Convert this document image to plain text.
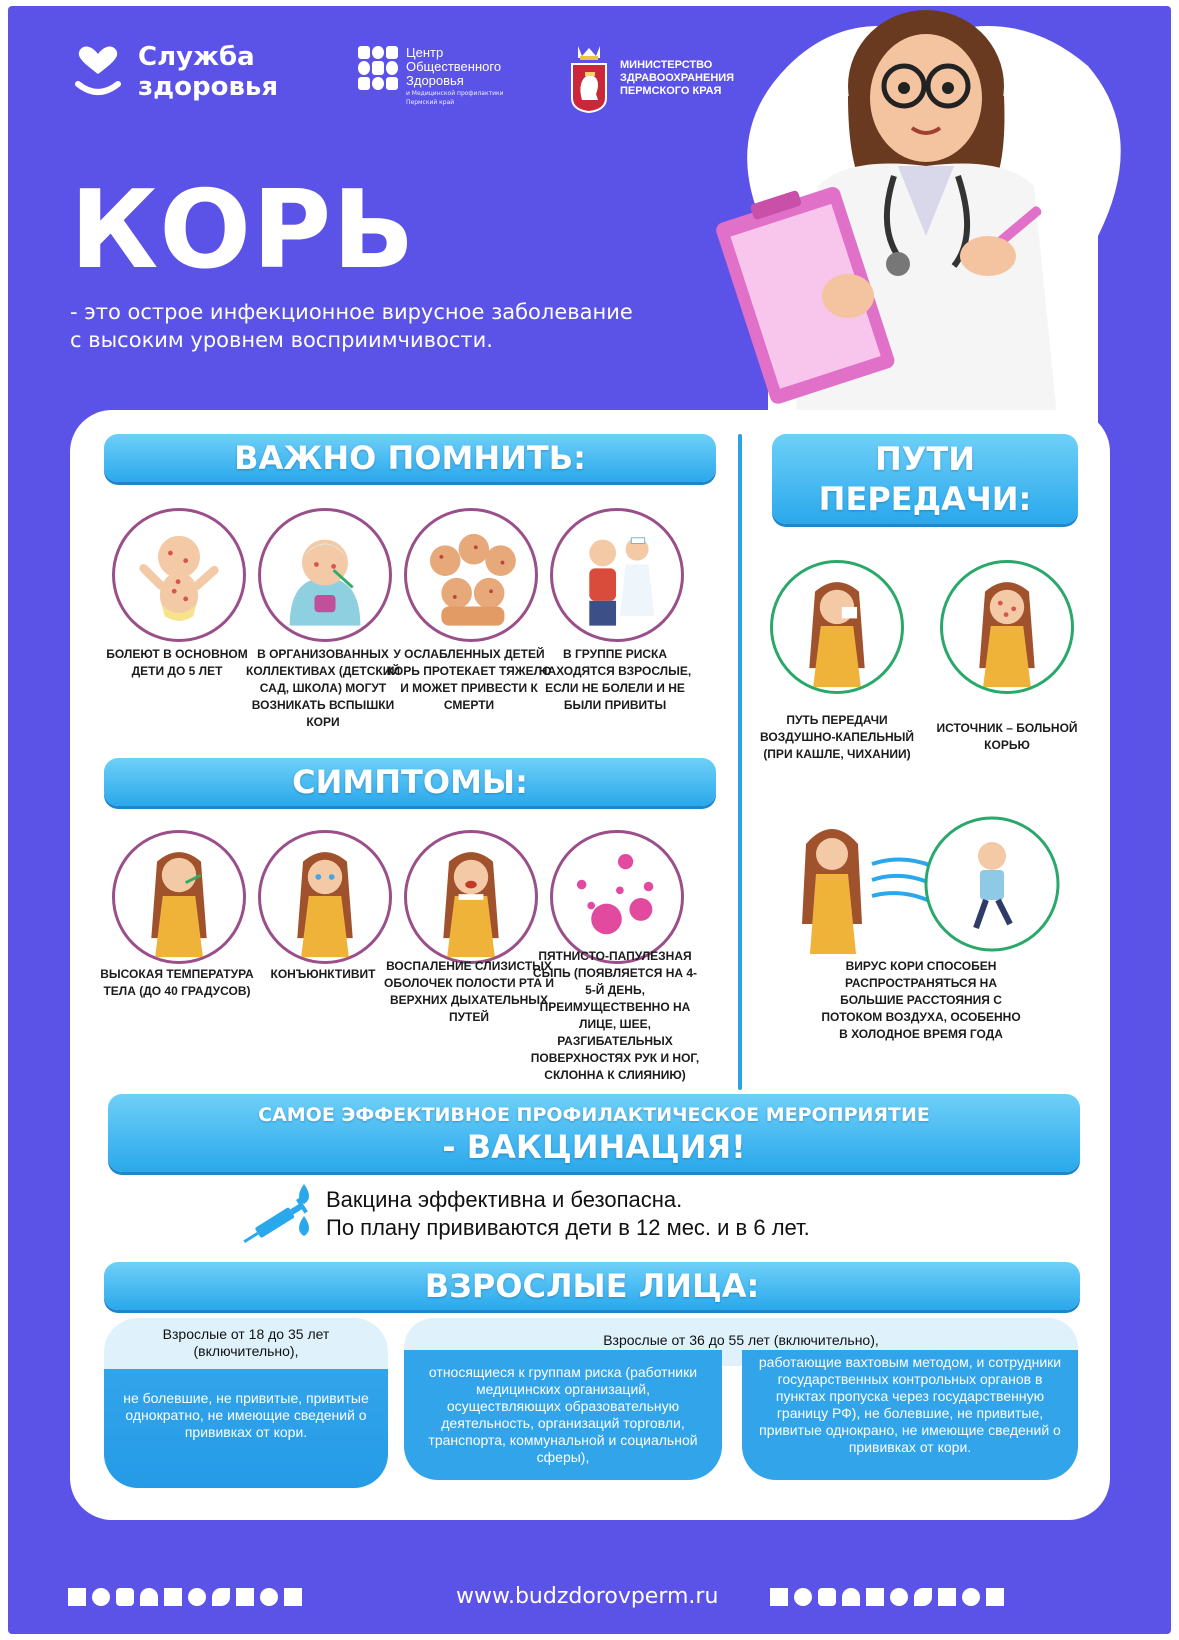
Служба
здоровья
Центр
Общественного
Здоровья
и Медицинской профилактики
Пермский край
МИНИСТЕРСТВО
ЗДРАВООХРАНЕНИЯ
ПЕРМСКОГО КРАЯ
КОРЬ
- это острое инфекционное вирусное заболевание
с высоким уровнем восприимчивости.
ВАЖНО ПОМНИТЬ:	ПУТИ
ПЕРЕДАЧИ:
СИМПТОМЫ:
САМОЕ ЭФФЕКТИВНОЕ ПРОФИЛАКТИЧЕСКОЕ МЕРОПРИЯТИЕ
- ВАКЦИНАЦИЯ!
ВЗРОСЛЫЕ ЛИЦА:
БОЛЕЮТ В ОСНОВНОМ ДЕТИ ДО 5 ЛЕТ
В ОРГАНИЗОВАННЫХ КОЛЛЕКТИВАХ (ДЕТСКИЙ САД, ШКОЛА) МОГУТ ВОЗНИКАТЬ ВСПЫШКИ КОРИ
У ОСЛАБЛЕННЫХ ДЕТЕЙ КОРЬ ПРОТЕКАЕТ ТЯЖЕЛО И МОЖЕТ ПРИВЕСТИ К СМЕРТИ
В ГРУППЕ РИСКА НАХОДЯТСЯ ВЗРОСЛЫЕ, ЕСЛИ НЕ БОЛЕЛИ И НЕ БЫЛИ ПРИВИТЫ
ВЫСОКАЯ ТЕМПЕРАТУРА ТЕЛА (ДО 40 ГРАДУСОВ)
КОНЪЮНКТИВИТ
ВОСПАЛЕНИЕ СЛИЗИСТЫХ ОБОЛОЧЕК ПОЛОСТИ РТА И ВЕРХНИХ ДЫХАТЕЛЬНЫХ ПУТЕЙ
ПЯТНИСТО-ПАПУЛЕЗНАЯ СЫПЬ (ПОЯВЛЯЕТСЯ НА 4-5-Й ДЕНЬ, ПРЕИМУЩЕСТВЕННО НА ЛИЦЕ, ШЕЕ, РАЗГИБАТЕЛЬНЫХ ПОВЕРХНОСТЯХ РУК И НОГ, СКЛОННА К СЛИЯНИЮ)
ПУТЬ ПЕРЕДАЧИ ВОЗДУШНО-КАПЕЛЬНЫЙ (ПРИ КАШЛЕ, ЧИХАНИИ)
ИСТОЧНИК – БОЛЬНОЙ КОРЬЮ
ВИРУС КОРИ СПОСОБЕН РАСПРОСТРАНЯТЬСЯ НА БОЛЬШИЕ РАССТОЯНИЯ С ПОТОКОМ ВОЗДУХА, ОСОБЕННО В ХОЛОДНОЕ ВРЕМЯ ГОДА
Вакцина эффективна и безопасна.
По плану прививаются дети в 12 мес. и в 6 лет.
Взрослые от 18 до 35 лет (включительно),
не болевшие, не привитые, привитые однократно, не имеющие сведений о прививках от кори.
Взрослые от 36 до 55 лет (включительно),
относящиеся к группам риска (работники медицинских организаций, осуществляющих образовательную деятельность, организаций торговли, транспорта, коммунальной и социальной сферы),
работающие вахтовым методом, и сотрудники государственных контрольных органов в пунктах пропуска через государственную границу РФ), не болевшие, не привитые, привитые однокрано, не имеющие сведений о прививках от кори.
www.budzdorovperm.ru
